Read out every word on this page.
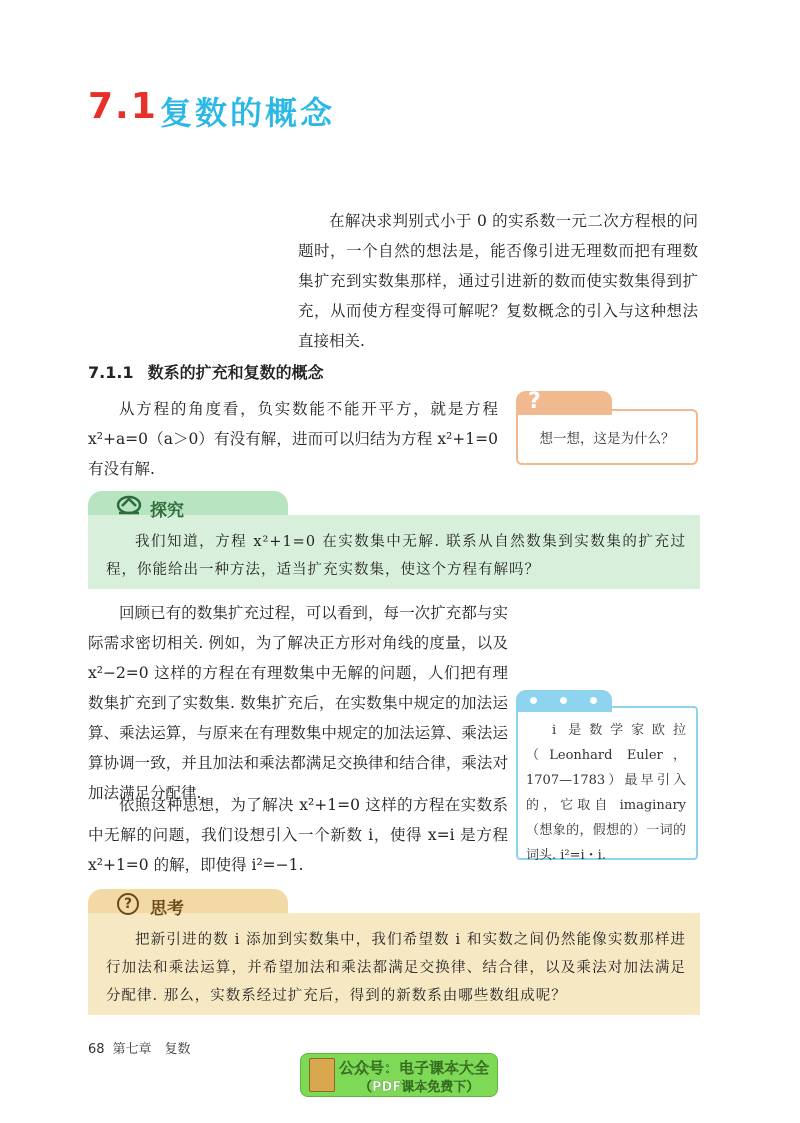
7.1 复数的概念
在解决求判别式小于 0 的实系数一元二次方程根的问题时，一个自然的想法是，能否像引进无理数而把有理数集扩充到实数集那样，通过引进新的数而使实数集得到扩充，从而使方程变得可解呢？复数概念的引入与这种想法直接相关.
7.1.1 数系的扩充和复数的概念
从方程的角度看，负实数能不能开平方，就是方程 x²+a=0（a＞0）有没有解，进而可以归结为方程 x²+1=0 有没有解.
?
想一想，这是为什么？
探究
我们知道，方程 x²+1=0 在实数集中无解. 联系从自然数集到实数集的扩充过程，你能给出一种方法，适当扩充实数集，使这个方程有解吗？
回顾已有的数集扩充过程，可以看到，每一次扩充都与实际需求密切相关. 例如，为了解决正方形对角线的度量，以及 x²−2=0 这样的方程在有理数集中无解的问题，人们把有理数集扩充到了实数集. 数集扩充后，在实数集中规定的加法运算、乘法运算，与原来在有理数集中规定的加法运算、乘法运算协调一致，并且加法和乘法都满足交换律和结合律，乘法对加法满足分配律.
i 是数学家欧拉（Leonhard Euler，1707—1783）最早引入的，它取自 imaginary（想象的，假想的）一词的词头. i²=i・i.
依照这种思想，为了解决 x²+1=0 这样的方程在实数系中无解的问题，我们设想引入一个新数 i，使得 x=i 是方程 x²+1=0 的解，即使得 i²=−1.
?	思考
把新引进的数 i 添加到实数集中，我们希望数 i 和实数之间仍然能像实数那样进行加法和乘法运算，并希望加法和乘法都满足交换律、结合律，以及乘法对加法满足分配律. 那么，实数系经过扩充后，得到的新数系由哪些数组成呢？
68 第七章　复数
公众号：电子课本大全
（PDF课本免费下）
